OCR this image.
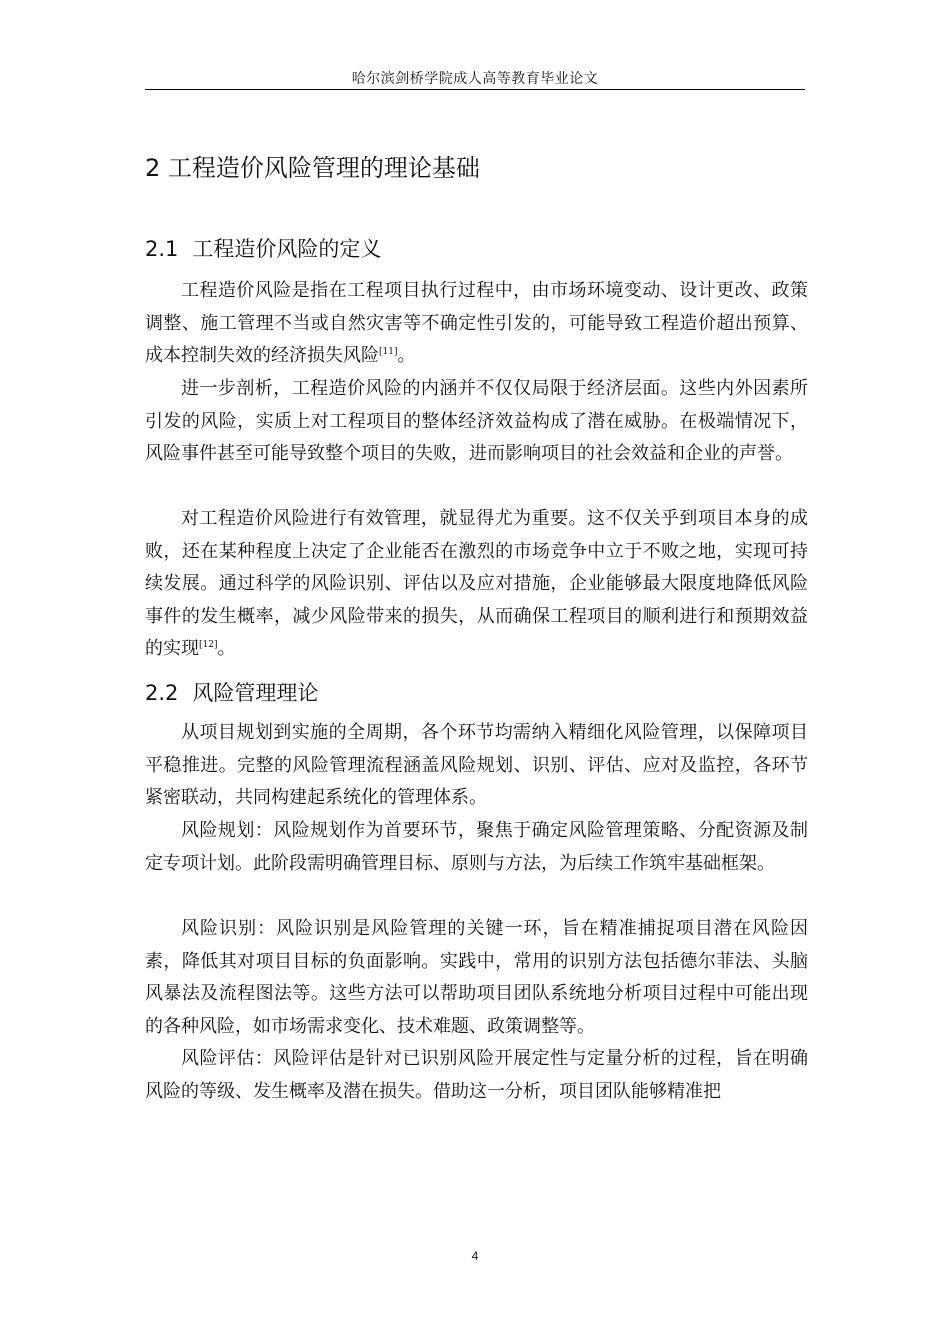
哈尔滨剑桥学院成人高等教育毕业论文
2 工程造价风险管理的理论基础
2.1 工程造价风险的定义

工程造价风险是指在工程项目执行过程中，由市场环境变动、设计更改、政策调整、施工管理不当或自然灾害等不确定性引发的，可能导致工程造价超出预算、成本控制失效的经济损失风险[11]。

进一步剖析，工程造价风险的内涵并不仅仅局限于经济层面。这些内外因素所引发的风险，实质上对工程项目的整体经济效益构成了潜在威胁。在极端情况下，风险事件甚至可能导致整个项目的失败，进而影响项目的社会效益和企业的声誉。

对工程造价风险进行有效管理，就显得尤为重要。这不仅关乎到项目本身的成败，还在某种程度上决定了企业能否在激烈的市场竞争中立于不败之地，实现可持续发展。通过科学的风险识别、评估以及应对措施，企业能够最大限度地降低风险事件的发生概率，减少风险带来的损失，从而确保工程项目的顺利进行和预期效益的实现[12]。

2.2 风险管理理论

从项目规划到实施的全周期，各个环节均需纳入精细化风险管理，以保障项目平稳推进。完整的风险管理流程涵盖风险规划、识别、评估、应对及监控，各环节紧密联动，共同构建起系统化的管理体系。

风险规划：风险规划作为首要环节，聚焦于确定风险管理策略、分配资源及制定专项计划。此阶段需明确管理目标、原则与方法，为后续工作筑牢基础框架。

风险识别：风险识别是风险管理的关键一环，旨在精准捕捉项目潜在风险因素，降低其对项目目标的负面影响。实践中，常用的识别方法包括德尔菲法、头脑风暴法及流程图法等。这些方法可以帮助项目团队系统地分析项目过程中可能出现的各种风险，如市场需求变化、技术难题、政策调整等。

风险评估：风险评估是针对已识别风险开展定性与定量分析的过程，旨在明确风险的等级、发生概率及潜在损失。借助这一分析，项目团队能够精准把

4
